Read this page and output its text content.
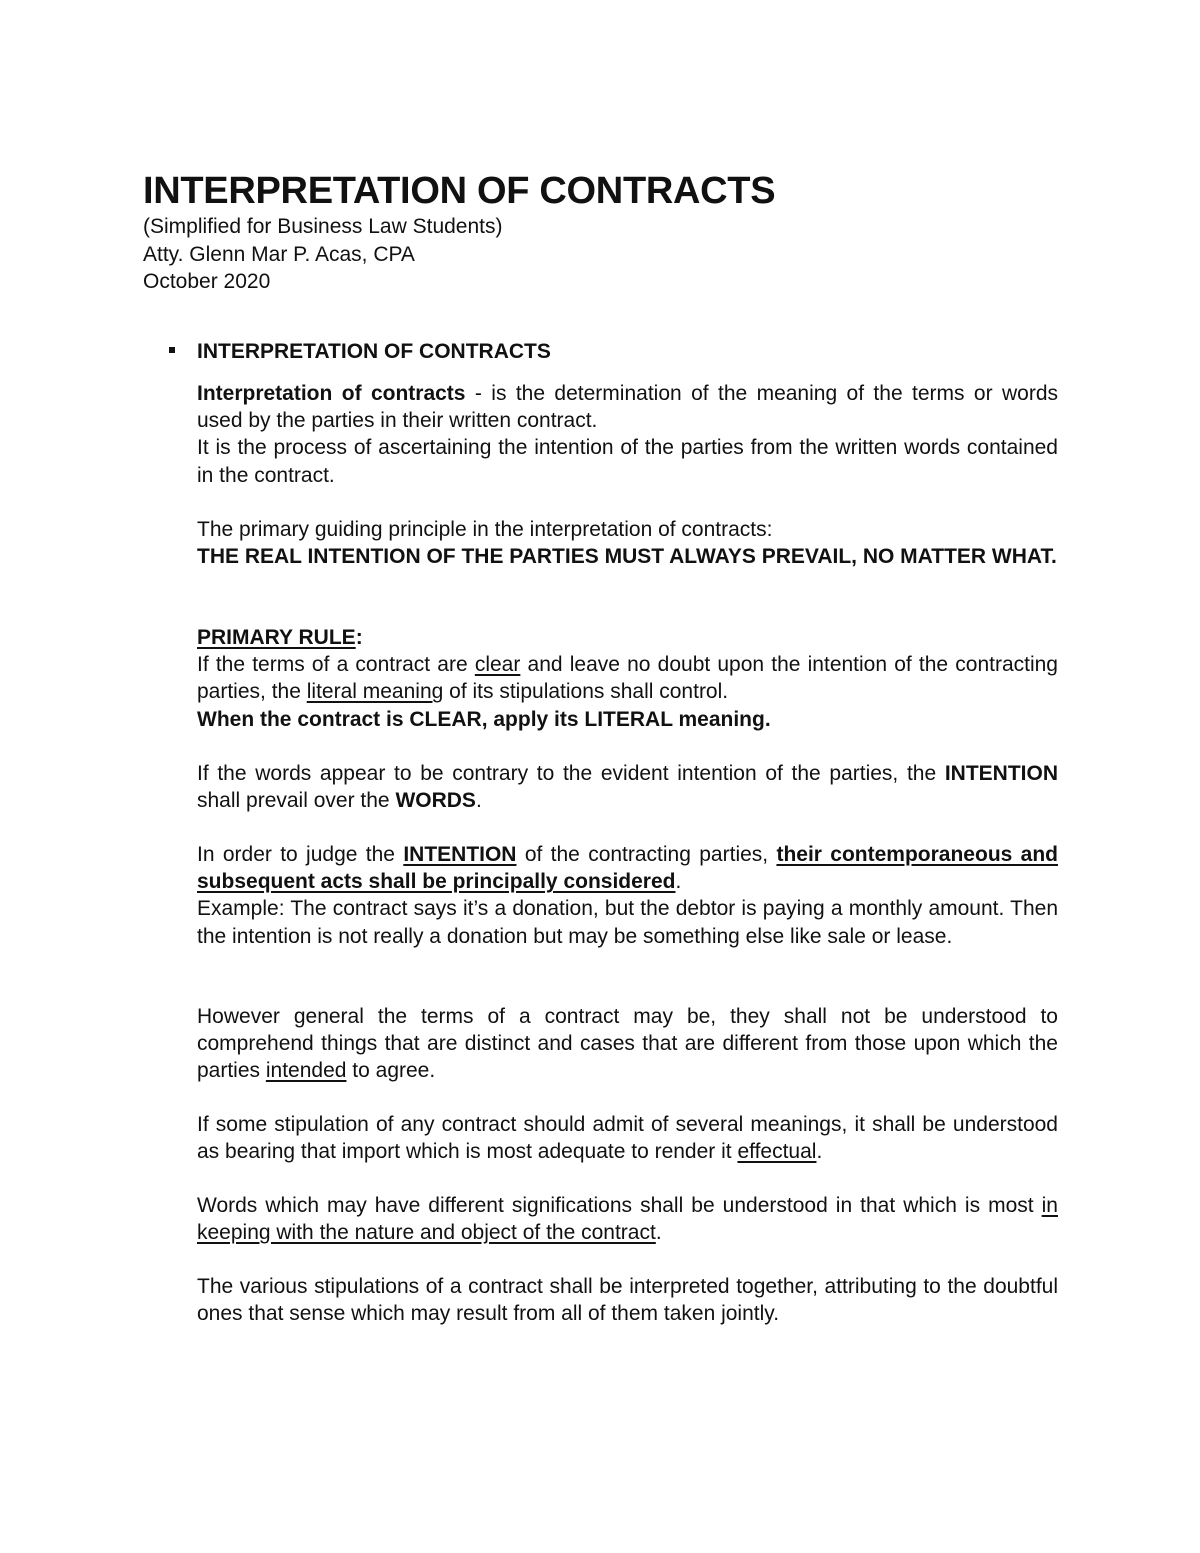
INTERPRETATION OF CONTRACTS
(Simplified for Business Law Students)
Atty. Glenn Mar P. Acas, CPA
October 2020
INTERPRETATION OF CONTRACTS

Interpretation of contracts - is the determination of the meaning of the terms or words used by the parties in their written contract.

It is the process of ascertaining the intention of the parties from the written words contained in the contract.

The primary guiding principle in the interpretation of contracts:

THE REAL INTENTION OF THE PARTIES MUST ALWAYS PREVAIL, NO MATTER WHAT.

PRIMARY RULE:

If the terms of a contract are clear and leave no doubt upon the intention of the contracting parties, the literal meaning of its stipulations shall control.

When the contract is CLEAR, apply its LITERAL meaning.

If the words appear to be contrary to the evident intention of the parties, the INTENTION shall prevail over the WORDS.

In order to judge the INTENTION of the contracting parties, their contemporaneous and subsequent acts shall be principally considered.

Example: The contract says it’s a donation, but the debtor is paying a monthly amount. Then the intention is not really a donation but may be something else like sale or lease.

However general the terms of a contract may be, they shall not be understood to comprehend things that are distinct and cases that are different from those upon which the parties intended to agree.

If some stipulation of any contract should admit of several meanings, it shall be understood as bearing that import which is most adequate to render it effectual.

Words which may have different significations shall be understood in that which is most in keeping with the nature and object of the contract.

The various stipulations of a contract shall be interpreted together, attributing to the doubtful ones that sense which may result from all of them taken jointly.
